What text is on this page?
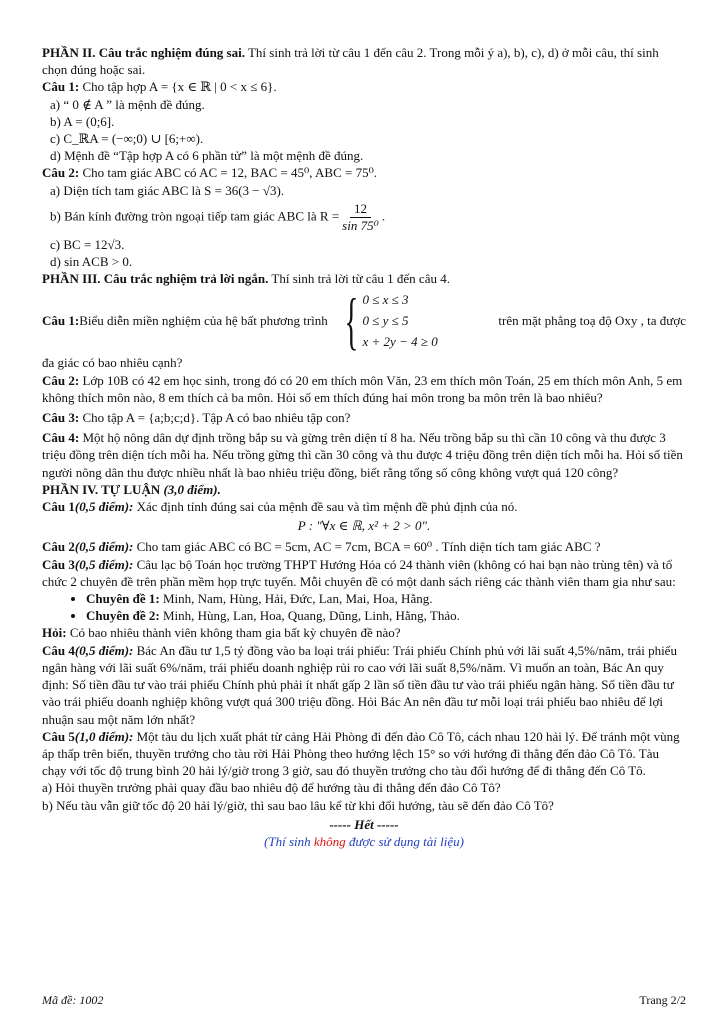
PHẦN II. Câu trắc nghiệm đúng sai. Thí sinh trả lời từ câu 1 đến câu 2. Trong mỗi ý a), b), c), d) ở mỗi câu, thí sinh chọn đúng hoặc sai.

Câu 1: Cho tập hợp A = {x ∈ ℝ | 0 < x ≤ 6}.

a) “ 0 ∉ A ” là mệnh đề đúng.

b) A = (0;6].

c) C_ℝA = (−∞;0) ∪ [6;+∞).

d) Mệnh đề “Tập hợp A có 6 phần tử” là một mệnh đề đúng.

Câu 2: Cho tam giác ABC có AC = 12, BAC = 45⁰, ABC = 75⁰.

a) Diện tích tam giác ABC là S = 36(3 − √3).

b) Bán kính đường tròn ngoại tiếp tam giác ABC là $R = \frac{12}{\text{sin 75⁰}}$ .

c) BC = 12√3.

d) sin ACB > 0.

PHẦN III. Câu trắc nghiệm trả lời ngắn. Thí sinh trả lời từ câu 1 đến câu 4.

Câu 1: Biểu diễn miền nghiệm của hệ bất phương trình { 0 ≤ x ≤ 3
0 ≤ y ≤ 5
x + 2y − 4 ≥ 0
trên mặt phẳng toạ độ Oxy , ta được

đa giác có bao nhiêu cạnh?

Câu 2: Lớp 10B có 42 em học sinh, trong đó có 20 em thích môn Văn, 23 em thích môn Toán, 25 em thích môn Anh, 5 em không thích môn nào, 8 em thích cả ba môn. Hỏi số em thích đúng hai môn trong ba môn trên là bao nhiêu?

Câu 3: Cho tập A = {a;b;c;d}. Tập A có bao nhiêu tập con?

Câu 4: Một hộ nông dân dự định trồng bắp su và gừng trên diện tí 8 ha. Nếu trồng bắp su thì cần 10 công và thu được 3 triệu đồng trên diện tích mỗi ha. Nếu trồng gừng thì cần 30 công và thu được 4 triệu đồng trên diện tích mỗi ha. Hỏi số tiền người nông dân thu được nhiều nhất là bao nhiêu triệu đồng, biết rằng tổng số công không vượt quá 120 công?

PHẦN IV. TỰ LUẬN (3,0 điểm).

Câu 1(0,5 điểm): Xác định tính đúng sai của mệnh đề sau và tìm mệnh đề phủ định của nó.

P : "∀x ∈ ℝ, x² + 2 > 0".

Câu 2(0,5 điểm): Cho tam giác ABC có BC = 5cm, AC = 7cm, BCA = 60⁰ . Tính diện tích tam giác ABC ?

Câu 3(0,5 điểm): Câu lạc bộ Toán học trường THPT Hướng Hóa có 24 thành viên (không có hai bạn nào trùng tên) và tổ chức 2 chuyên đề trên phần mềm họp trực tuyến. Mỗi chuyên đề có một danh sách riêng các thành viên tham gia như sau:

• Chuyên đề 1: Minh, Nam, Hùng, Hải, Đức, Lan, Mai, Hoa, Hằng.
• Chuyên đề 2: Minh, Hùng, Lan, Hoa, Quang, Dũng, Linh, Hằng, Thảo.

Hỏi: Có bao nhiêu thành viên không tham gia bất kỳ chuyên đề nào?

Câu 4(0,5 điểm): Bác An đầu tư 1,5 tỷ đồng vào ba loại trái phiếu: Trái phiếu Chính phủ với lãi suất 4,5%/năm, trái phiếu ngân hàng với lãi suất 6%/năm, trái phiếu doanh nghiệp rủi ro cao với lãi suất 8,5%/năm. Vì muốn an toàn, Bác An quy định: Số tiền đầu tư vào trái phiếu Chính phủ phải ít nhất gấp 2 lần số tiền đầu tư vào trái phiếu ngân hàng. Số tiền đầu tư vào trái phiếu doanh nghiệp không vượt quá 300 triệu đồng. Hỏi Bác An nên đầu tư mỗi loại trái phiếu bao nhiêu để lợi nhuận sau một năm lớn nhất?

Câu 5(1,0 điểm): Một tàu du lịch xuất phát từ cảng Hải Phòng đi đến đảo Cô Tô, cách nhau 120 hải lý. Để tránh một vùng áp thấp trên biển, thuyền trưởng cho tàu rời Hải Phòng theo hướng lệch 15° so với hướng đi thẳng đến đảo Cô Tô. Tàu chạy với tốc độ trung bình 20 hải lý/giờ trong 3 giờ, sau đó thuyền trưởng cho tàu đổi hướng để đi thẳng đến Cô Tô.

a) Hỏi thuyền trưởng phải quay đầu bao nhiêu độ để hướng tàu đi thẳng đến đảo Cô Tô?

b) Nếu tàu vẫn giữ tốc độ 20 hải lý/giờ, thì sau bao lâu kể từ khi đổi hướng, tàu sẽ đến đảo Cô Tô?

----- Hết -----

(Thí sinh không được sử dụng tài liệu)

Mã đề: 1002	Trang 2/2
